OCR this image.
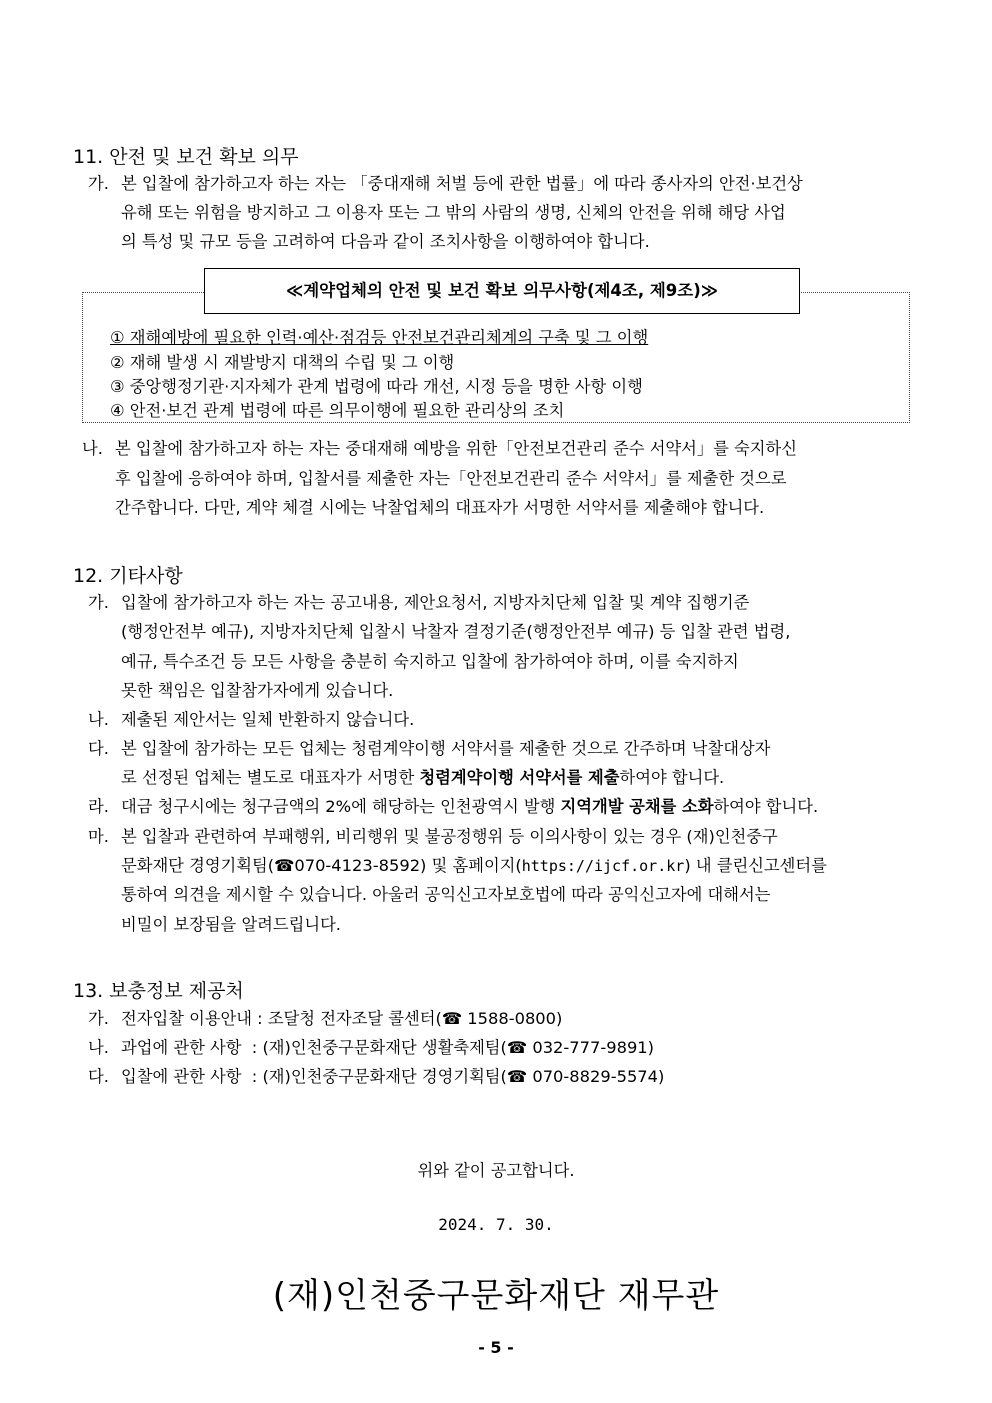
11. 안전 및 보건 확보 의무
가. 본 입찰에 참가하고자 하는 자는 「중대재해 처벌 등에 관한 법률」에 따라 종사자의 안전·보건상
유해 또는 위험을 방지하고 그 이용자 또는 그 밖의 사람의 생명, 신체의 안전을 위해 해당 사업
의 특성 및 규모 등을 고려하여 다음과 같이 조치사항을 이행하여야 합니다.
≪계약업체의 안전 및 보건 확보 의무사항(제4조, 제9조)≫
① 재해예방에 필요한 인력·예산·점검등 안전보건관리체계의 구축 및 그 이행
② 재해 발생 시 재발방지 대책의 수립 및 그 이행
③ 중앙행정기관·지자체가 관계 법령에 따라 개선, 시정 등을 명한 사항 이행
④ 안전·보건 관계 법령에 따른 의무이행에 필요한 관리상의 조치
나. 본 입찰에 참가하고자 하는 자는 중대재해 예방을 위한「안전보건관리 준수 서약서」를 숙지하신
후 입찰에 응하여야 하며, 입찰서를 제출한 자는「안전보건관리 준수 서약서」를 제출한 것으로
간주합니다. 다만, 계약 체결 시에는 낙찰업체의 대표자가 서명한 서약서를 제출해야 합니다.
12. 기타사항
가. 입찰에 참가하고자 하는 자는 공고내용, 제안요청서, 지방자치단체 입찰 및 계약 집행기준
(행정안전부 예규), 지방자치단체 입찰시 낙찰자 결정기준(행정안전부 예규) 등 입찰 관련 법령,
예규, 특수조건 등 모든 사항을 충분히 숙지하고 입찰에 참가하여야 하며, 이를 숙지하지
못한 책임은 입찰참가자에게 있습니다.
나. 제출된 제안서는 일체 반환하지 않습니다.
다. 본 입찰에 참가하는 모든 업체는 청렴계약이행 서약서를 제출한 것으로 간주하며 낙찰대상자
로 선정된 업체는 별도로 대표자가 서명한 청렴계약이행 서약서를 제출하여야 합니다.
라. 대금 청구시에는 청구금액의 2%에 해당하는 인천광역시 발행 지역개발 공채를 소화하여야 합니다.
마. 본 입찰과 관련하여 부패행위, 비리행위 및 불공정행위 등 이의사항이 있는 경우 (재)인천중구
문화재단 경영기획팀(☎070-4123-8592) 및 홈페이지(https://ijcf.or.kr) 내 클린신고센터를
통하여 의견을 제시할 수 있습니다. 아울러 공익신고자보호법에 따라 공익신고자에 대해서는
비밀이 보장됨을 알려드립니다.
13. 보충정보 제공처
가. 전자입찰 이용안내 : 조달청 전자조달 콜센터(☎ 1588-0800)
나. 과업에 관한 사항  : (재)인천중구문화재단 생활축제팀(☎ 032-777-9891)
다. 입찰에 관한 사항  : (재)인천중구문화재단 경영기획팀(☎ 070-8829-5574)
위와 같이 공고합니다.
2024. 7. 30.
(재)인천중구문화재단 재무관
- 5 -
